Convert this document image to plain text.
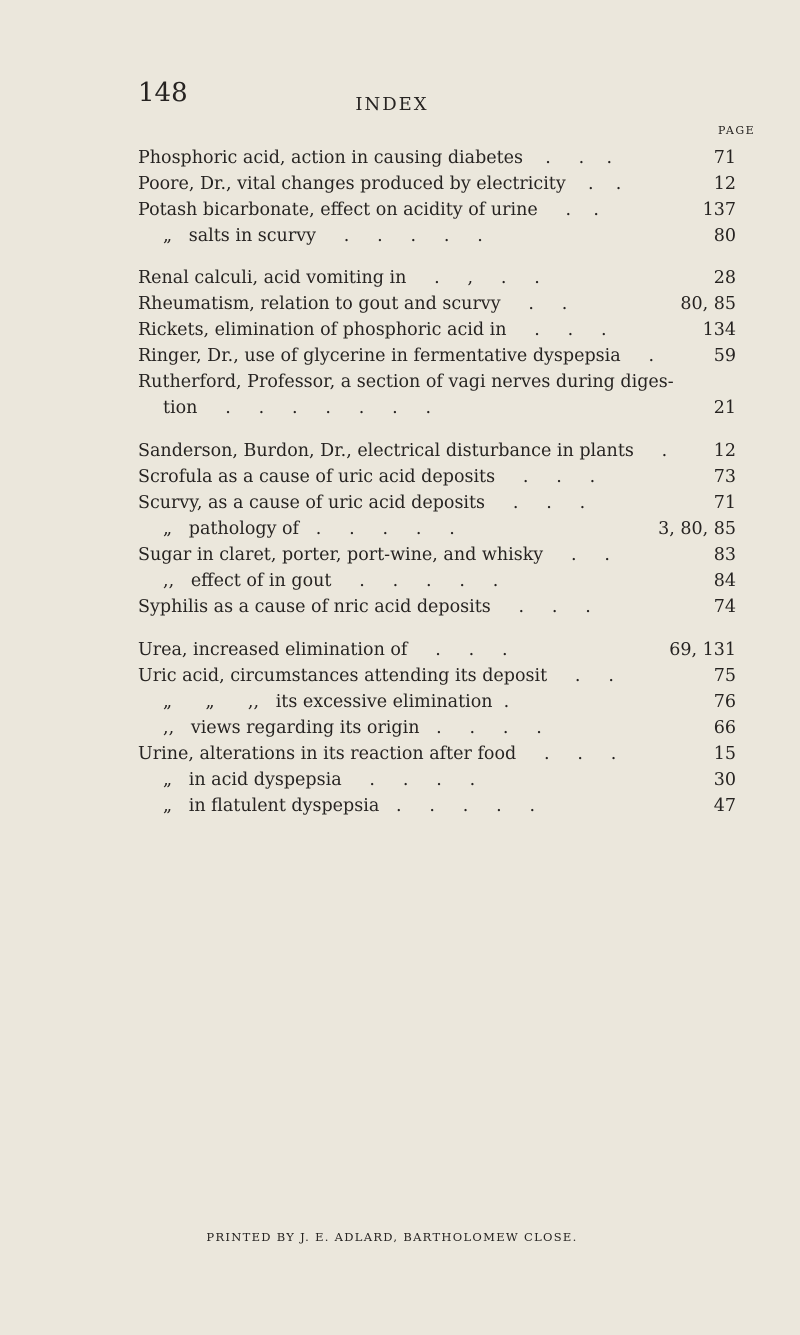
148	INDEX
PAGE
Phosphoric acid, action in causing diabetes    .     .    .	71
Poore, Dr., vital changes produced by electricity    .    .	12
Potash bicarbonate, effect on acidity of urine     .    .	137
„   salts in scurvy     .     .     .     .     .	80
Renal calculi, acid vomiting in     .     ,     .     .	28
Rheumatism, relation to gout and scurvy     .     .	80, 85
Rickets, elimination of phosphoric acid in     .     .     .	134
Ringer, Dr., use of glycerine in fermentative dyspepsia     .	59
Rutherford, Professor, a section of vagi nerves during diges-
tion     .     .     .     .     .     .     .	21
Sanderson, Burdon, Dr., electrical disturbance in plants     .	12
Scrofula as a cause of uric acid deposits     .     .     .	73
Scurvy, as a cause of uric acid deposits     .     .     .	71
„   pathology of   .     .     .     .     .	3, 80, 85
Sugar in claret, porter, port-wine, and whisky     .     .	83
,,   effect of in gout     .     .     .     .     .	84
Syphilis as a cause of nric acid deposits     .     .     .	74
Urea, increased elimination of     .     .     .	69, 131
Uric acid, circumstances attending its deposit     .     .	75
„      „      ,,   its excessive elimination  .	76
,,   views regarding its origin   .     .     .     .	66
Urine, alterations in its reaction after food     .     .     .	15
„   in acid dyspepsia     .     .     .     .	30
„   in flatulent dyspepsia   .     .     .     .     .	47
PRINTED BY J. E. ADLARD, BARTHOLOMEW CLOSE.
